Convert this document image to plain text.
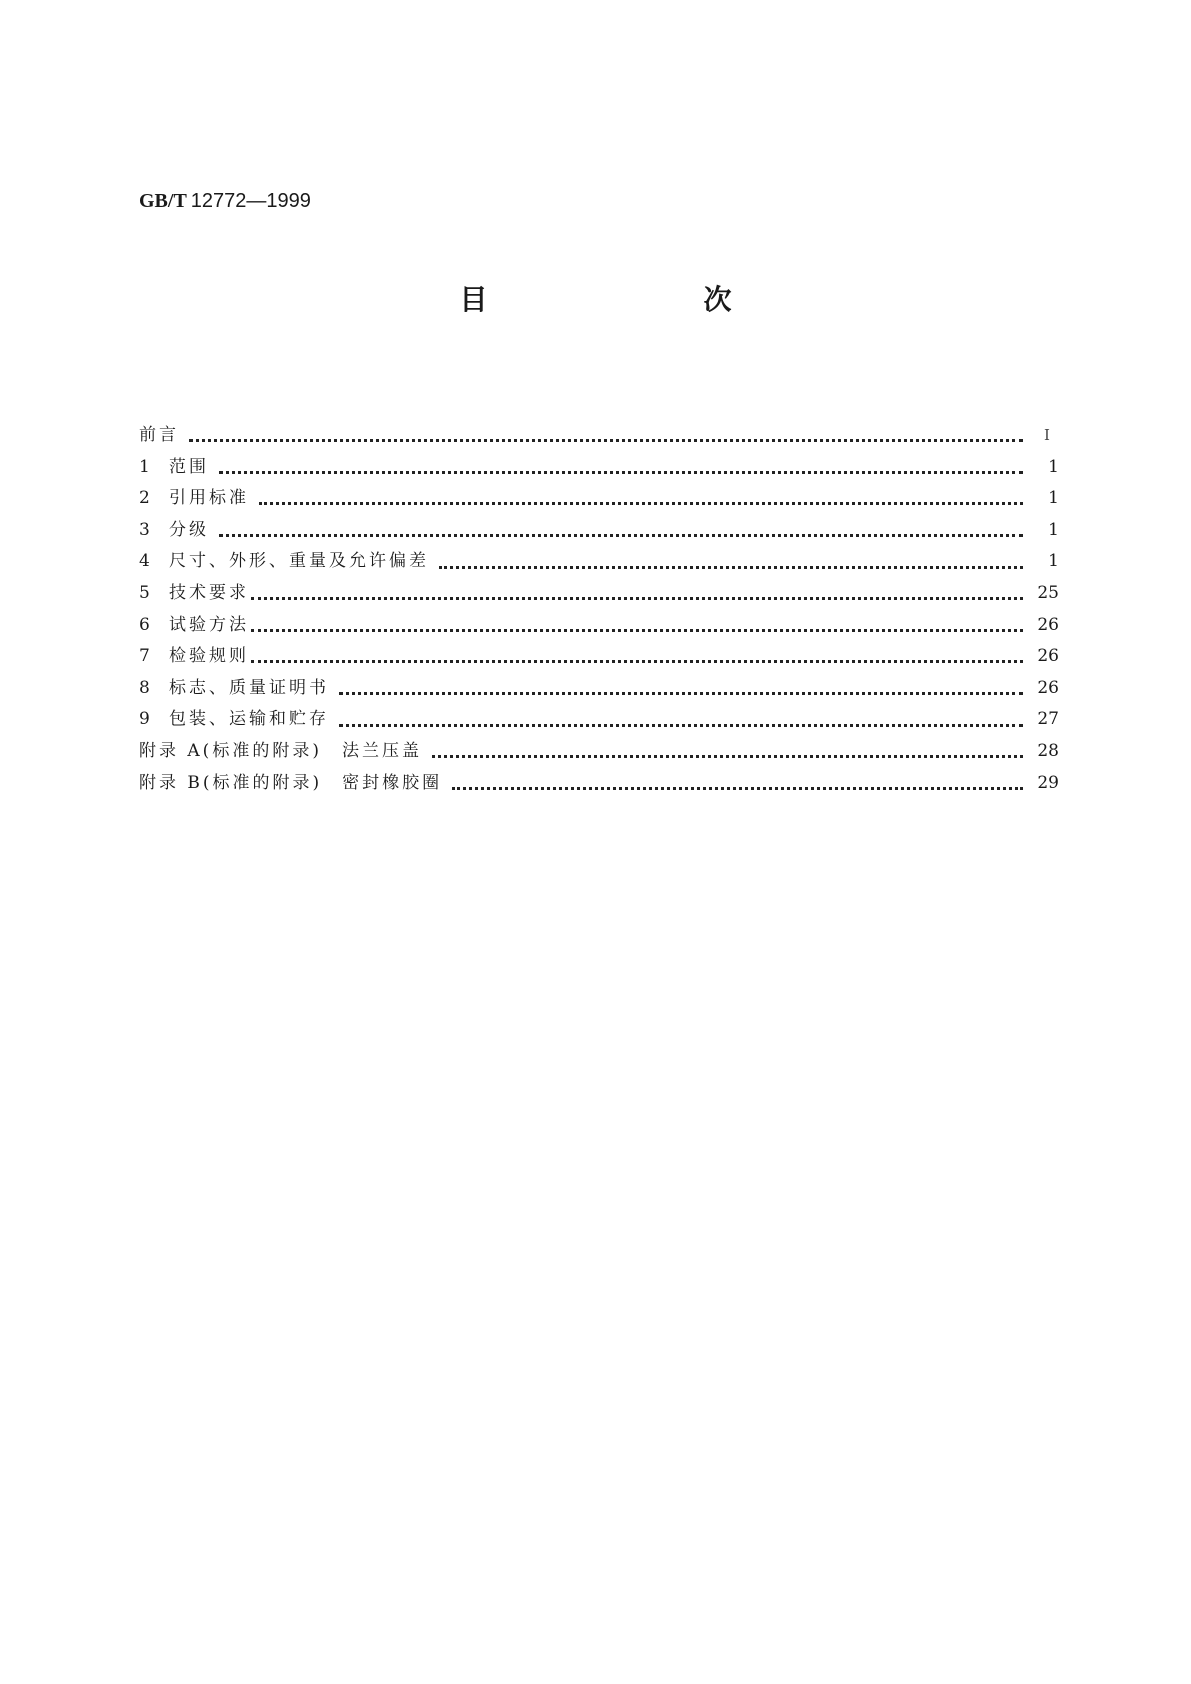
GB/T 12772—1999
目　次
前言	I
1	范围	1
2	引用标准	1
3	分级	1
4	尺寸、外形、重量及允许偏差	1
5	技术要求	25
6	试验方法	26
7	检验规则	26
8	标志、质量证明书	26
9	包装、运输和贮存	27
附录 A(标准的附录)　法兰压盖	28
附录 B(标准的附录)　密封橡胶圈	29
